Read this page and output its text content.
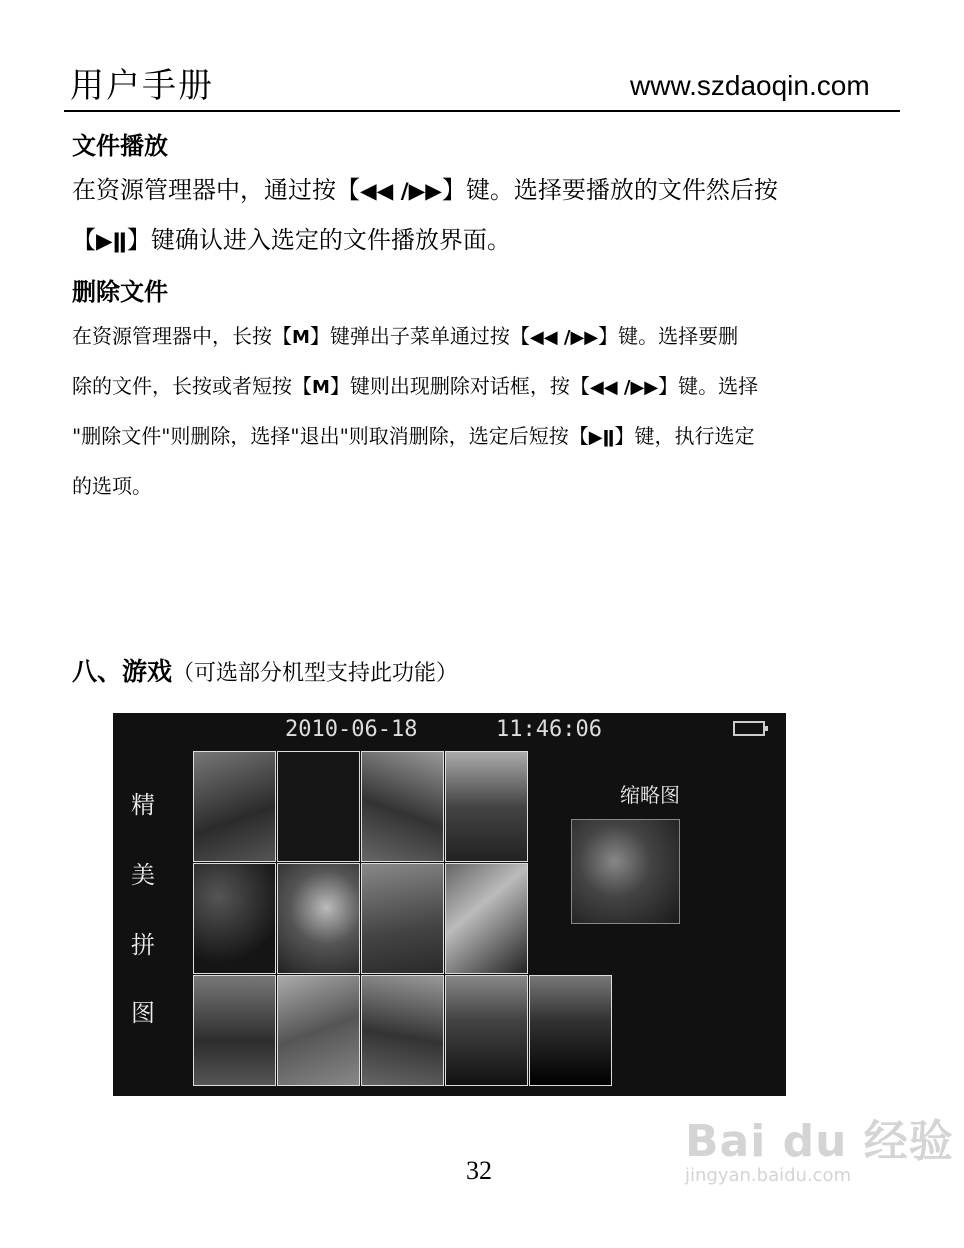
用户手册	www.szdaoqin.com
文件播放
在资源管理器中，通过按【◀◀ /▶▶】键。选择要播放的文件然后按
【▶ǁ】键确认进入选定的文件播放界面。
删除文件
在资源管理器中，长按【M】键弹出子菜单通过按【◀◀ /▶▶】键。选择要删
除的文件，长按或者短按【M】键则出现删除对话框，按【◀◀ /▶▶】键。选择
"删除文件"则删除，选择"退出"则取消删除，选定后短按【▶ǁ】键，执行选定
的选项。
八、游戏（可选部分机型支持此功能）
2010-06-18	11:46:06
精
美
拼
图
缩略图
32
Bai du 经验
jingyan.baidu.com
